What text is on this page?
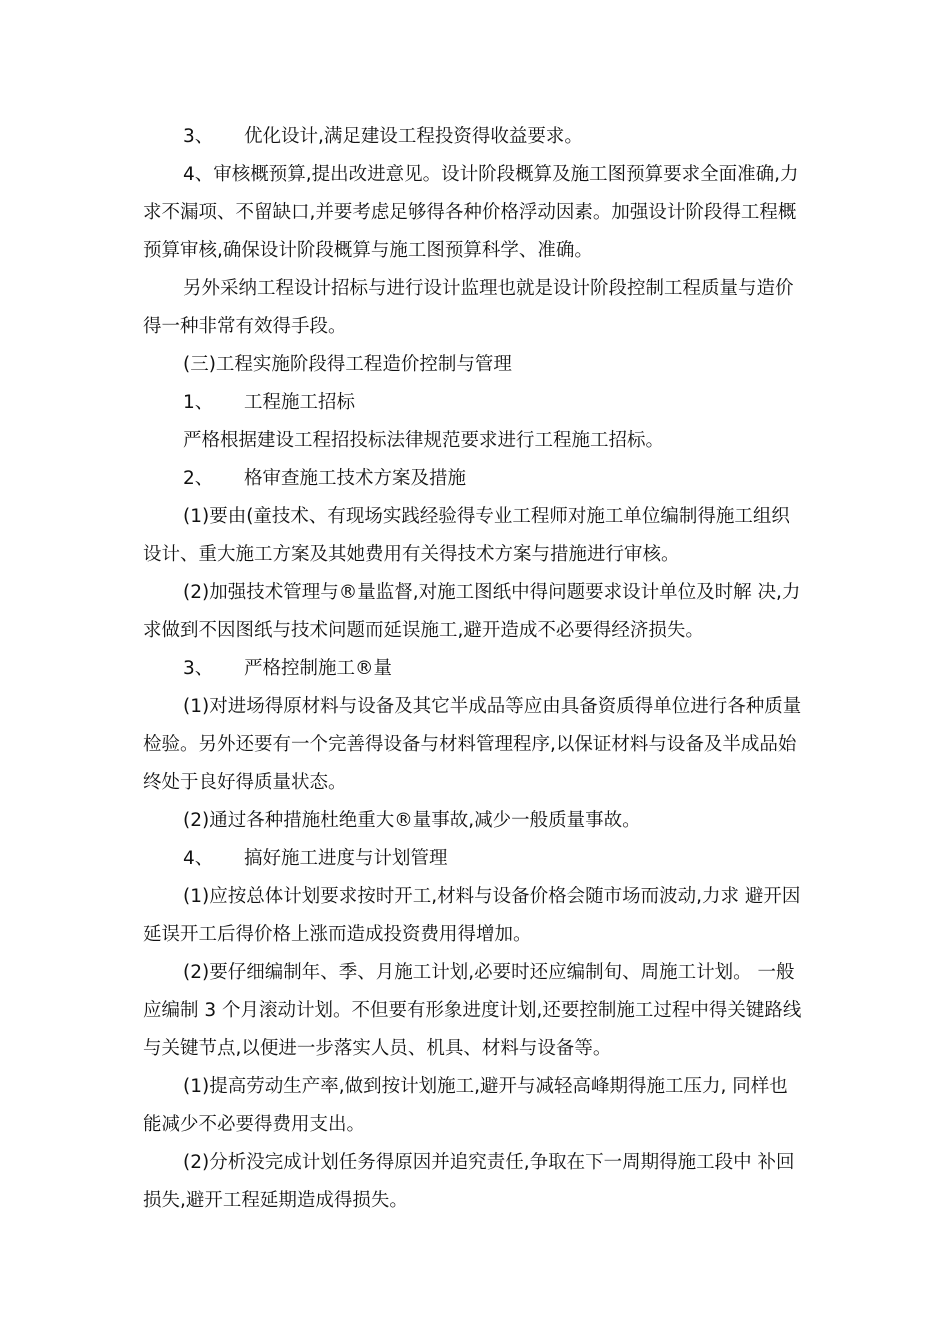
3、 优化设计,满足建设工程投资得收益要求。

4、审核概预算,提出改进意见。设计阶段概算及施工图预算要求全面准确,力求不漏项、不留缺口,并要考虑足够得各种价格浮动因素。加强设计阶段得工程概预算审核,确保设计阶段概算与施工图预算科学、准确。

另外采纳工程设计招标与进行设计监理也就是设计阶段控制工程质量与造价 得一种非常有效得手段。

(三)工程实施阶段得工程造价控制与管理

1、 工程施工招标

严格根据建设工程招投标法律规范要求进行工程施工招标。

2、 格审查施工技术方案及措施

(1)要由(童技术、有现场实践经验得专业工程师对施工单位编制得施工组织设计、重大施工方案及其她费用有关得技术方案与措施进行审核。

(2)加强技术管理与®量监督,对施工图纸中得问题要求设计单位及时解 决,力求做到不因图纸与技术问题而延误施工,避开造成不必要得经济损失。

3、 严格控制施工®量

(1)对进场得原材料与设备及其它半成品等应由具备资质得单位进行各种质量检验。另外还要有一个完善得设备与材料管理程序,以保证材料与设备及半成品始终处于良好得质量状态。

(2)通过各种措施杜绝重大®量事故,减少一般质量事故。

4、 搞好施工进度与计划管理

(1)应按总体计划要求按时开工,材料与设备价格会随市场而波动,力求 避开因延误开工后得价格上涨而造成投资费用得增加。

(2)要仔细编制年、季、月施工计划,必要时还应编制旬、周施工计划。 一般应编制 3 个月滚动计划。不但要有形象进度计划,还要控制施工过程中得关键路线与关键节点,以便进一步落实人员、机具、材料与设备等。

(1)提高劳动生产率,做到按计划施工,避开与减轻高峰期得施工压力, 同样也能减少不必要得费用支出。

(2)分析没完成计划任务得原因并追究责任,争取在下一周期得施工段中 补回损失,避开工程延期造成得损失。
